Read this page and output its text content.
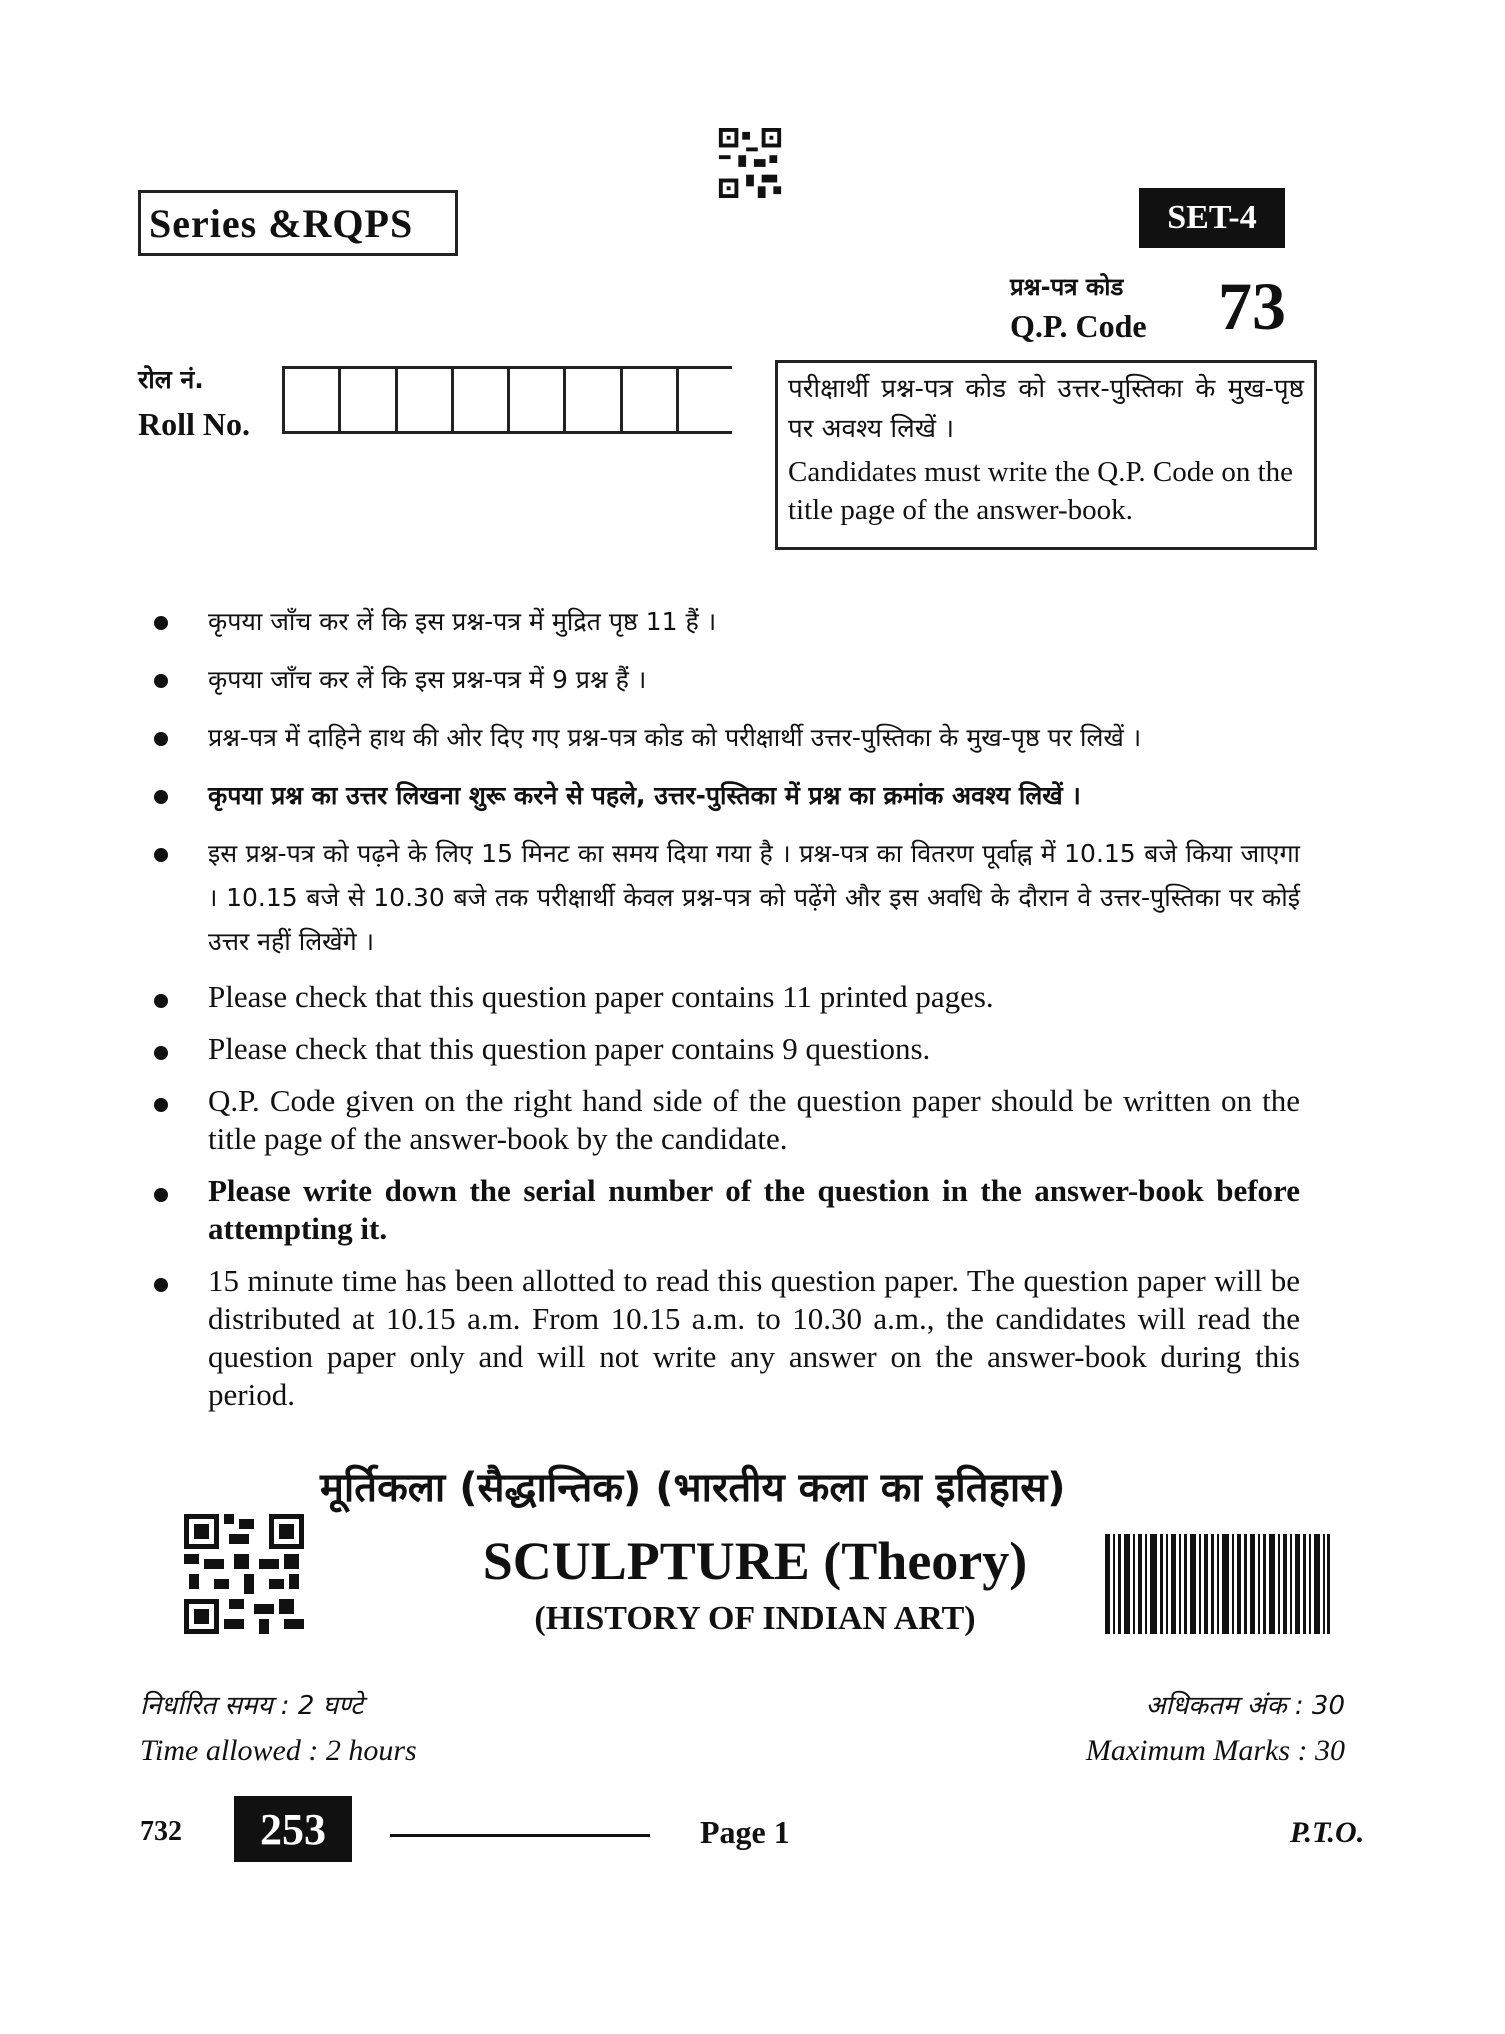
Series &RQPS	SET-4
प्रश्न-पत्र कोड
Q.P. Code 73
रोल नं.
Roll No.
परीक्षार्थी प्रश्न-पत्र कोड को उत्तर-पुस्तिका के मुख-पृष्ठ पर अवश्य लिखें ।
Candidates must write the Q.P. Code on the title page of the answer-book.
कृपया जाँच कर लें कि इस प्रश्न-पत्र में मुद्रित पृष्ठ 11 हैं ।
कृपया जाँच कर लें कि इस प्रश्न-पत्र में 9 प्रश्न हैं ।
प्रश्न-पत्र में दाहिने हाथ की ओर दिए गए प्रश्न-पत्र कोड को परीक्षार्थी उत्तर-पुस्तिका के मुख-पृष्ठ पर लिखें ।
कृपया प्रश्न का उत्तर लिखना शुरू करने से पहले, उत्तर-पुस्तिका में प्रश्न का क्रमांक अवश्य लिखें ।
इस प्रश्न-पत्र को पढ़ने के लिए 15 मिनट का समय दिया गया है । प्रश्न-पत्र का वितरण पूर्वाह्न में 10.15 बजे किया जाएगा । 10.15 बजे से 10.30 बजे तक परीक्षार्थी केवल प्रश्न-पत्र को पढ़ेंगे और इस अवधि के दौरान वे उत्तर-पुस्तिका पर कोई उत्तर नहीं लिखेंगे ।
Please check that this question paper contains 11 printed pages.
Please check that this question paper contains 9 questions.
Q.P. Code given on the right hand side of the question paper should be written on the title page of the answer-book by the candidate.
Please write down the serial number of the question in the answer-book before attempting it.
15 minute time has been allotted to read this question paper. The question paper will be distributed at 10.15 a.m. From 10.15 a.m. to 10.30 a.m., the candidates will read the question paper only and will not write any answer on the answer-book during this period.
मूर्तिकला (सैद्धान्तिक) (भारतीय कला का इतिहास)
SCULPTURE (Theory)
(HISTORY OF INDIAN ART)
निर्धारित समय : 2 घण्टे
Time allowed : 2 hours
अधिकतम अंक : 30
Maximum Marks : 30
732	253	Page 1	P.T.O.
